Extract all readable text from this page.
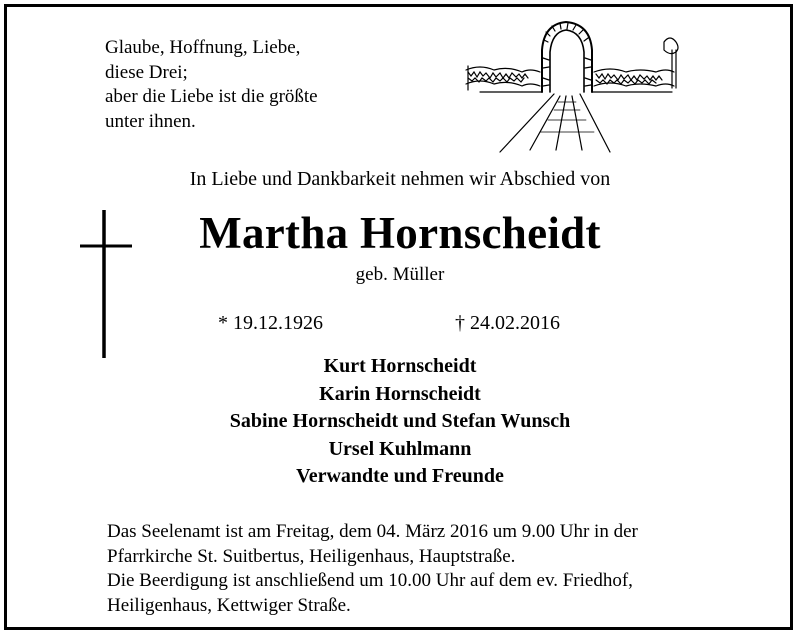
Glaube, Hoffnung, Liebe,
diese Drei;
aber die Liebe ist die größte
unter ihnen.
In Liebe und Dankbarkeit nehmen wir Abschied von
Martha Hornscheidt
geb. Müller
* 19.12.1926	† 24.02.2016
Kurt Hornscheidt
Karin Hornscheidt
Sabine Hornscheidt und Stefan Wunsch
Ursel Kuhlmann
Verwandte und Freunde
Das Seelenamt ist am Freitag, dem 04. März 2016 um 9.00 Uhr in der
Pfarrkirche St. Suitbertus, Heiligenhaus, Hauptstraße.
Die Beerdigung ist anschließend um 10.00 Uhr auf dem ev. Friedhof,
Heiligenhaus, Kettwiger Straße.
